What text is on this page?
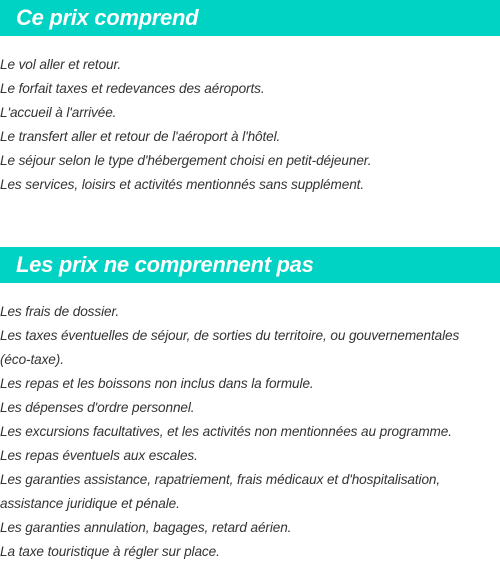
Ce prix comprend
Le vol aller et retour.
Le forfait taxes et redevances des aéroports.
L'accueil à l'arrivée.
Le transfert aller et retour de l'aéroport à l'hôtel.
Le séjour selon le type d'hébergement choisi en petit-déjeuner.
Les services, loisirs et activités mentionnés sans supplément.
Les prix ne comprennent pas
Les frais de dossier.
Les taxes éventuelles de séjour, de sorties du territoire, ou gouvernementales (éco-taxe).
Les repas et les boissons non inclus dans la formule.
Les dépenses d'ordre personnel.
Les excursions facultatives, et les activités non mentionnées au programme.
Les repas éventuels aux escales.
Les garanties assistance, rapatriement, frais médicaux et d'hospitalisation, assistance juridique et pénale.
Les garanties annulation, bagages, retard aérien.
La taxe touristique à régler sur place.
